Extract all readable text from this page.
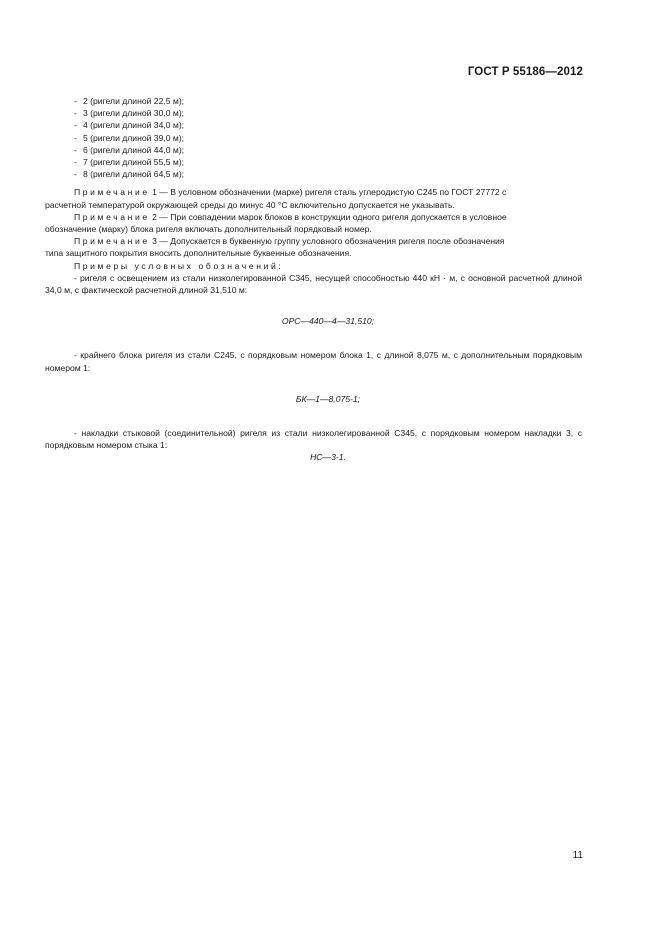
ГОСТ Р 55186—2012
- 2 (ригели длиной 22,5 м);
- 3 (ригели длиной 30,0 м);
- 4 (ригели длиной 34,0 м);
- 5 (ригели длиной 39,0 м);
- 6 (ригели длиной 44,0 м);
- 7 (ригели длиной 55,5 м);
- 8 (ригели длиной 64,5 м);

Примечание 1 — В условном обозначении (марке) ригеля сталь углеродистую С245 по ГОСТ 27772 с

расчетной температурой окружающей среды до минус 40 °С включительно допускается не указывать.

Примечание 2 — При совпадении марок блоков в конструкции одного ригеля допускается в условное

обозначение (марку) блока ригеля включать дополнительный порядковый номер.

Примечание 3 — Допускается в буквенную группу условного обозначения ригеля после обозначения

типа защитного покрытия вносить дополнительные буквенные обозначения.

Примеры условных обозначений:

- ригеля с освещением из стали низколегированной С345, несущей способностью 440 кН · м, с основной расчетной длиной 34,0 м, с фактической расчетной длиной 31,510 м:

ОРС—440—4—31,510;

- крайнего блока ригеля из стали С245, с порядковым номером блока 1, с длиной 8,075 м, с дополнительным порядковым номером 1:

БК—1—8,075-1;

- накладки стыковой (соединительной) ригеля из стали низколегированной С345, с порядковым номером накладки 3, с порядковым номером стыка 1:

НС—3-1.

11
